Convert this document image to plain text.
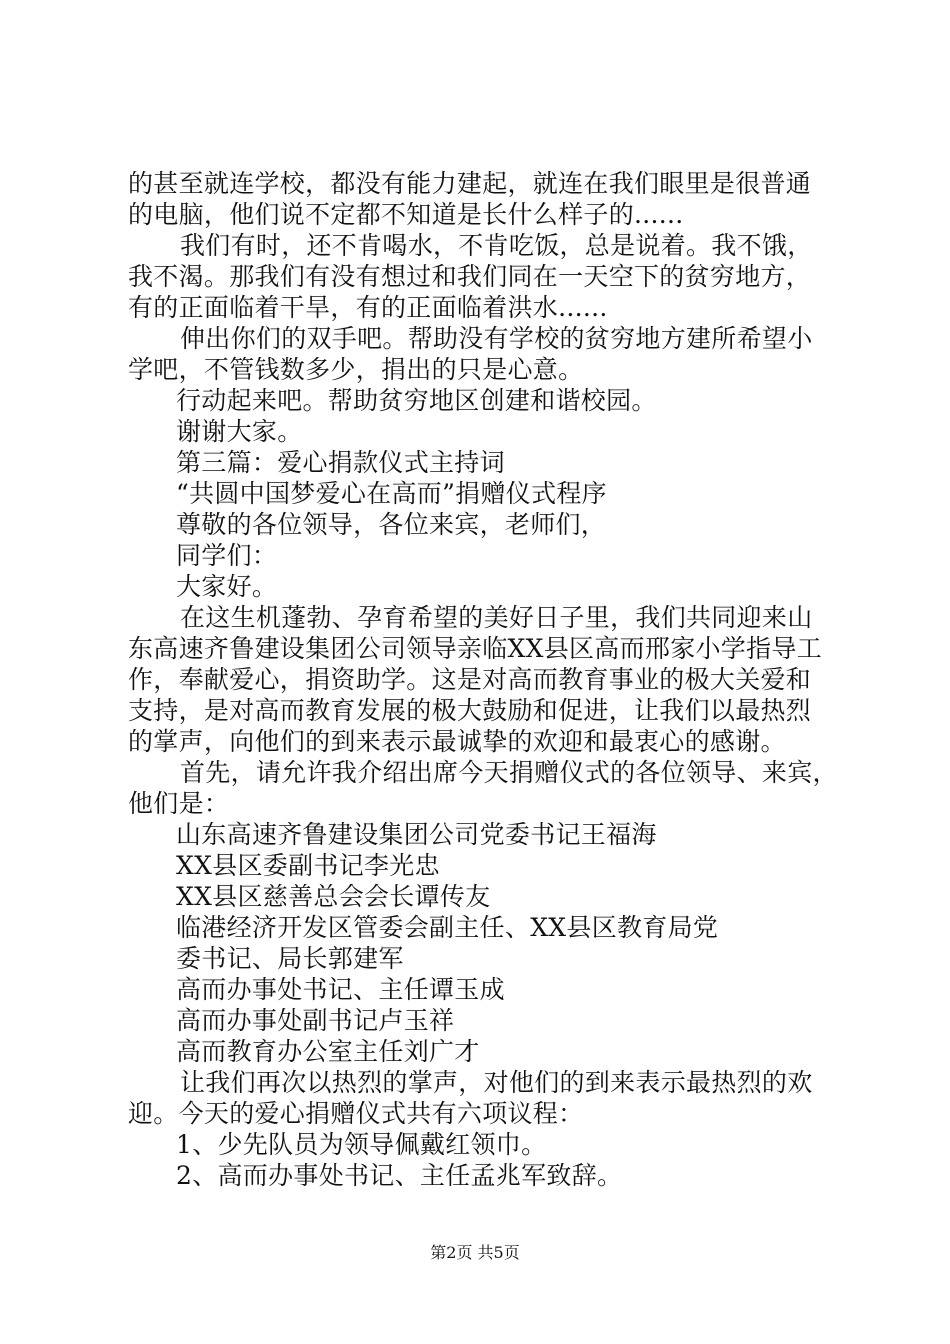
的甚至就连学校，都没有能力建起，就连在我们眼里是很普通
的电脑，他们说不定都不知道是长什么样子的......
我们有时，还不肯喝水，不肯吃饭，总是说着。我不饿，
我不渴。那我们有没有想过和我们同在一天空下的贫穷地方，
有的正面临着干旱，有的正面临着洪水......
伸出你们的双手吧。帮助没有学校的贫穷地方建所希望小
学吧，不管钱数多少，捐出的只是心意。
行动起来吧。帮助贫穷地区创建和谐校园。
谢谢大家。
第三篇：爱心捐款仪式主持词
“共圆中国梦爱心在高而”捐赠仪式程序
尊敬的各位领导，各位来宾，老师们，
同学们：
大家好。
在这生机蓬勃、孕育希望的美好日子里，我们共同迎来山
东高速齐鲁建设集团公司领导亲临XX县区高而邢家小学指导工
作，奉献爱心，捐资助学。这是对高而教育事业的极大关爱和
支持，是对高而教育发展的极大鼓励和促进，让我们以最热烈
的掌声，向他们的到来表示最诚挚的欢迎和最衷心的感谢。
首先，请允许我介绍出席今天捐赠仪式的各位领导、来宾，
他们是：
山东高速齐鲁建设集团公司党委书记王福海
XX县区委副书记李光忠
XX县区慈善总会会长谭传友
临港经济开发区管委会副主任、XX县区教育局党
委书记、局长郭建军
高而办事处书记、主任谭玉成
高而办事处副书记卢玉祥
高而教育办公室主任刘广才
让我们再次以热烈的掌声，对他们的到来表示最热烈的欢
迎。今天的爱心捐赠仪式共有六项议程：
1、少先队员为领导佩戴红领巾。
2、高而办事处书记、主任孟兆军致辞。
第2页 共5页
